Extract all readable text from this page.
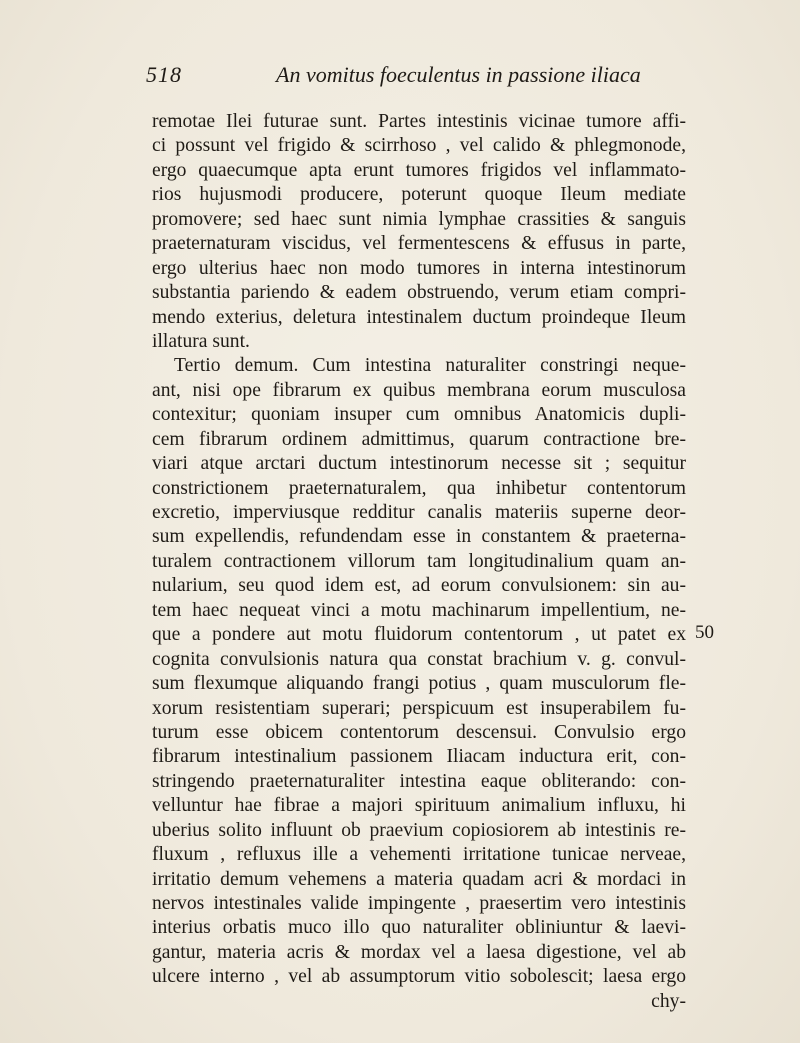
518	An vomitus foeculentus in passione iliaca
50
remotae Ilei futurae sunt. Partes intestinis vicinae tumore affi-
ci possunt vel frigido & scirrhoso , vel calido & phlegmonode,
ergo quaecumque apta erunt tumores frigidos vel inflammato-
rios hujusmodi producere, poterunt quoque Ileum mediate
promovere; sed haec sunt nimia lymphae crassities & sanguis
praeternaturam viscidus, vel fermentescens & effusus in parte,
ergo ulterius haec non modo tumores in interna intestinorum
substantia pariendo & eadem obstruendo, verum etiam compri-
mendo exterius, deletura intestinalem ductum proindeque Ileum
illatura sunt.
Tertio demum. Cum intestina naturaliter constringi neque-
ant, nisi ope fibrarum ex quibus membrana eorum musculosa
contexitur; quoniam insuper cum omnibus Anatomicis dupli-
cem fibrarum ordinem admittimus, quarum contractione bre-
viari atque arctari ductum intestinorum necesse sit ; sequitur
constrictionem praeternaturalem, qua inhibetur contentorum
excretio, imperviusque redditur canalis materiis superne deor-
sum expellendis, refundendam esse in constantem & praeterna-
turalem contractionem villorum tam longitudinalium quam an-
nularium, seu quod idem est, ad eorum convulsionem: sin au-
tem haec nequeat vinci a motu machinarum impellentium, ne-
que a pondere aut motu fluidorum contentorum , ut patet ex
cognita convulsionis natura qua constat brachium v. g. convul-
sum flexumque aliquando frangi potius , quam musculorum fle-
xorum resistentiam superari; perspicuum est insuperabilem fu-
turum esse obicem contentorum descensui. Convulsio ergo
fibrarum intestinalium passionem Iliacam inductura erit, con-
stringendo praeternaturaliter intestina eaque obliterando: con-
velluntur hae fibrae a majori spirituum animalium influxu, hi
uberius solito influunt ob praevium copiosiorem ab intestinis re-
fluxum , refluxus ille a vehementi irritatione tunicae nerveae,
irritatio demum vehemens a materia quadam acri & mordaci in
nervos intestinales valide impingente , praesertim vero intestinis
interius orbatis muco illo quo naturaliter obliniuntur & laevi-
gantur, materia acris & mordax vel a laesa digestione, vel ab
ulcere interno , vel ab assumptorum vitio sobolescit; laesa ergo
chy-
